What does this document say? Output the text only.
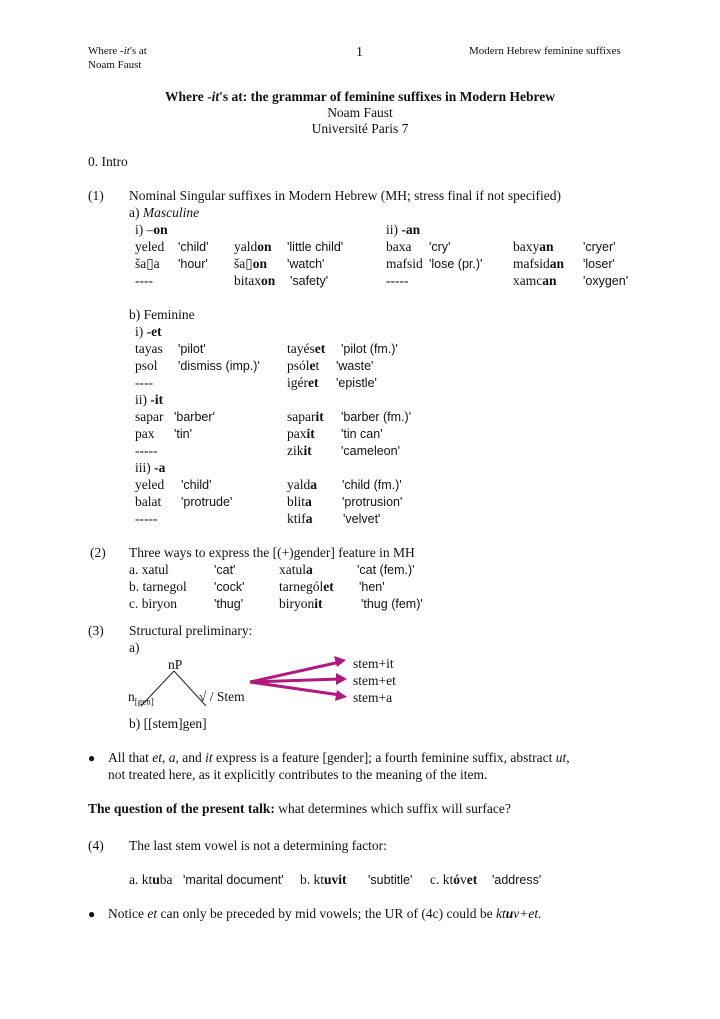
Where -it's at
Noam Faust
1	Modern Hebrew feminine suffixes
Where -it's at: the grammar of feminine suffixes in Modern Hebrew
Noam Faust
Université Paris 7
0. Intro
(1) Nominal Singular suffixes in Modern Hebrew (MH; stress final if not specified)
a) Masculine
i) –on	ii) -an
yeled 'child' yaldon 'little child'	baxa 'cry'	baxyan 'cryer'
ša▯a 'hour' ša▯on 'watch'	mafsid 'lose (pr.)' mafsidan 'loser'
----	bitaxon 'safety'	-----	xamcan 'oxygen'
b) Feminine
i) -et
tayas 'pilot'	tayéset 'pilot (fm.)'
psol 'dismiss (imp.)' psólet 'waste'
----	igéret 'epistle'
ii) -it
sapar 'barber'	saparit 'barber (fm.)'
pax 'tin'	paxit 'tin can'
-----	zikit 'cameleon'
iii) -a
yeled 'child'	yalda 'child (fm.)'
balat 'protrude'	blita 'protrusion'
-----	ktifa 'velvet'
(2) Three ways to express the [(+)gender] feature in MH
a. xatul	'cat'	xatula	'cat (fem.)'
b. tarnegol 'cock'	tarnególet 'hen'
c. biryon	'thug'	biryonit	'thug (fem)'
(3) Structural preliminary:
a)
nP
$n_{[gen]}$	√ / Stem
stem+it
stem+et
stem+a
b) [[stem]gen]
● All that et, a, and it express is a feature [gender]; a fourth feminine suffix, abstract ut,
not treated here, as it explicitly contributes to the meaning of the item.
The question of the present talk: what determines which suffix will surface?
(4) The last stem vowel is not a determining factor:
a. ktuba 'marital document' b. ktuvit 'subtitle' c. któvet 'address'
● Notice et can only be preceded by mid vowels; the UR of (4c) could be ktuv+et.
